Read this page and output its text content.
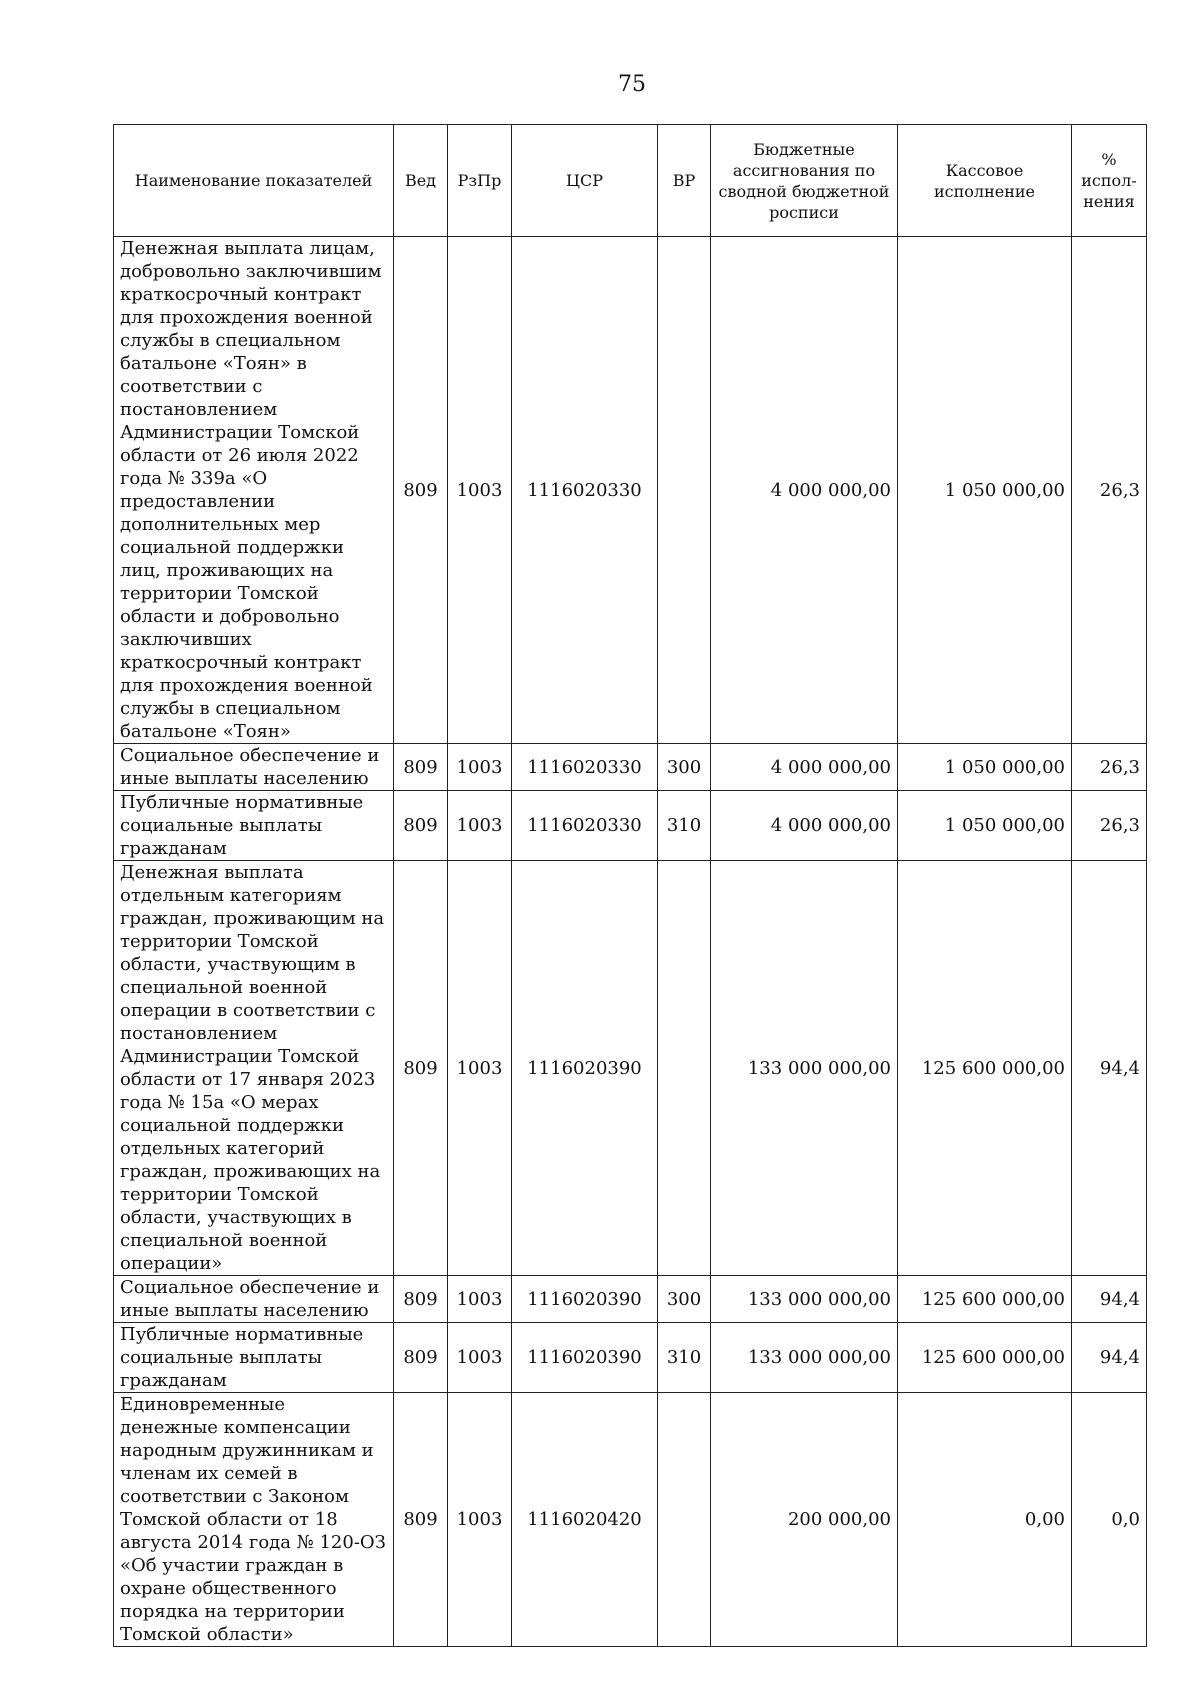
75
Наименование показателей	Вед	РзПр	ЦСР	ВР	Бюджетные ассигнования по сводной бюджетной росписи	Кассовое исполнение	% испол-нения
Денежная выплата лицам, добровольно заключившим краткосрочный контракт для прохождения военной службы в специальном батальоне «Тоян» в соответствии с постановлением Администрации Томской области от 26 июля 2022 года № 339а «О предоставлении дополнительных мер социальной поддержки лиц, проживающих на территории Томской области и добровольно заключивших краткосрочный контракт для прохождения военной службы в специальном батальоне «Тоян»	809	1003	1116020330		4 000 000,00	1 050 000,00	26,3
Социальное обеспечение и иные выплаты населению	809	1003	1116020330	300	4 000 000,00	1 050 000,00	26,3
Публичные нормативные социальные выплаты гражданам	809	1003	1116020330	310	4 000 000,00	1 050 000,00	26,3
Денежная выплата отдельным категориям граждан, проживающим на территории Томской области, участвующим в специальной военной операции в соответствии с постановлением Администрации Томской области от 17 января 2023 года № 15а «О мерах социальной поддержки отдельных категорий граждан, проживающих на территории Томской области, участвующих в специальной военной операции»	809	1003	1116020390		133 000 000,00	125 600 000,00	94,4
Социальное обеспечение и иные выплаты населению	809	1003	1116020390	300	133 000 000,00	125 600 000,00	94,4
Публичные нормативные социальные выплаты гражданам	809	1003	1116020390	310	133 000 000,00	125 600 000,00	94,4
Единовременные денежные компенсации народным дружинникам и членам их семей в соответствии с Законом Томской области от 18 августа 2014 года № 120-ОЗ «Об участии граждан в охране общественного порядка на территории Томской области»	809	1003	1116020420		200 000,00	0,00	0,0
